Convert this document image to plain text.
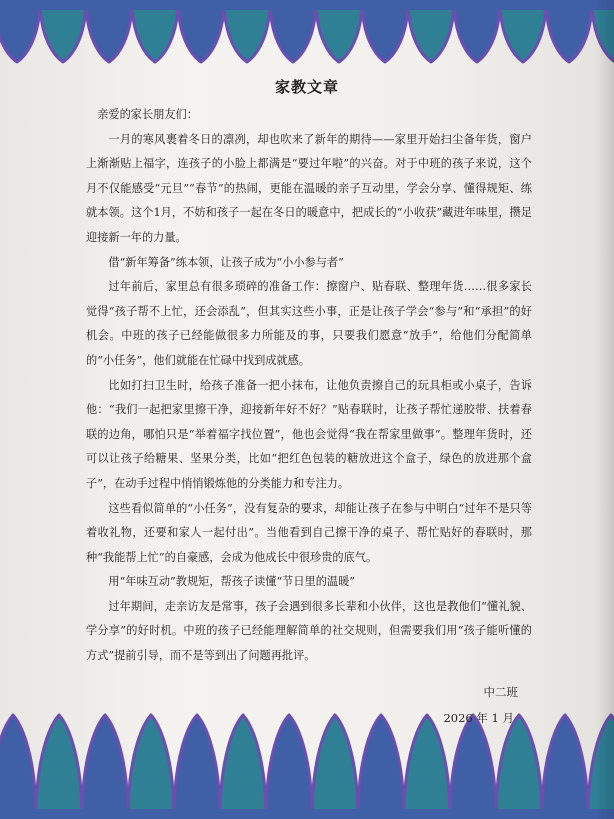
家教文章

亲爱的家长朋友们：

一月的寒风裹着冬日的凛冽，却也吹来了新年的期待——家里开始扫尘备年货，窗户上渐渐贴上福字，连孩子的小脸上都满是“要过年啦”的兴奋。对于中班的孩子来说，这个月不仅能感受“元旦”“春节”的热闹，更能在温暖的亲子互动里，学会分享、懂得规矩、练就本领。这个1月，不妨和孩子一起在冬日的暖意中，把成长的“小收获”藏进年味里，攒足迎接新一年的力量。

借“新年筹备”练本领，让孩子成为“小小参与者”

过年前后，家里总有很多琐碎的准备工作：擦窗户、贴春联、整理年货……很多家长觉得“孩子帮不上忙，还会添乱”，但其实这些小事，正是让孩子学会“参与”和“承担”的好机会。中班的孩子已经能做很多力所能及的事，只要我们愿意“放手”，给他们分配简单的“小任务”，他们就能在忙碌中找到成就感。

比如打扫卫生时，给孩子准备一把小抹布，让他负责擦自己的玩具柜或小桌子，告诉他：“我们一起把家里擦干净，迎接新年好不好？”贴春联时，让孩子帮忙递胶带、扶着春联的边角，哪怕只是“举着福字找位置”，他也会觉得“我在帮家里做事”。整理年货时，还可以让孩子给糖果、坚果分类，比如“把红色包装的糖放进这个盒子，绿色的放进那个盒子”，在动手过程中悄悄锻炼他的分类能力和专注力。

这些看似简单的“小任务”，没有复杂的要求，却能让孩子在参与中明白“过年不是只等着收礼物，还要和家人一起付出”。当他看到自己擦干净的桌子、帮忙贴好的春联时，那种“我能帮上忙”的自豪感，会成为他成长中很珍贵的底气。

用“年味互动”教规矩，帮孩子读懂“节日里的温暖”

过年期间，走亲访友是常事，孩子会遇到很多长辈和小伙伴，这也是教他们“懂礼貌、学分享”的好时机。中班的孩子已经能理解简单的社交规则，但需要我们用“孩子能听懂的方式”提前引导，而不是等到出了问题再批评。

中二班
2026 年 1 月
